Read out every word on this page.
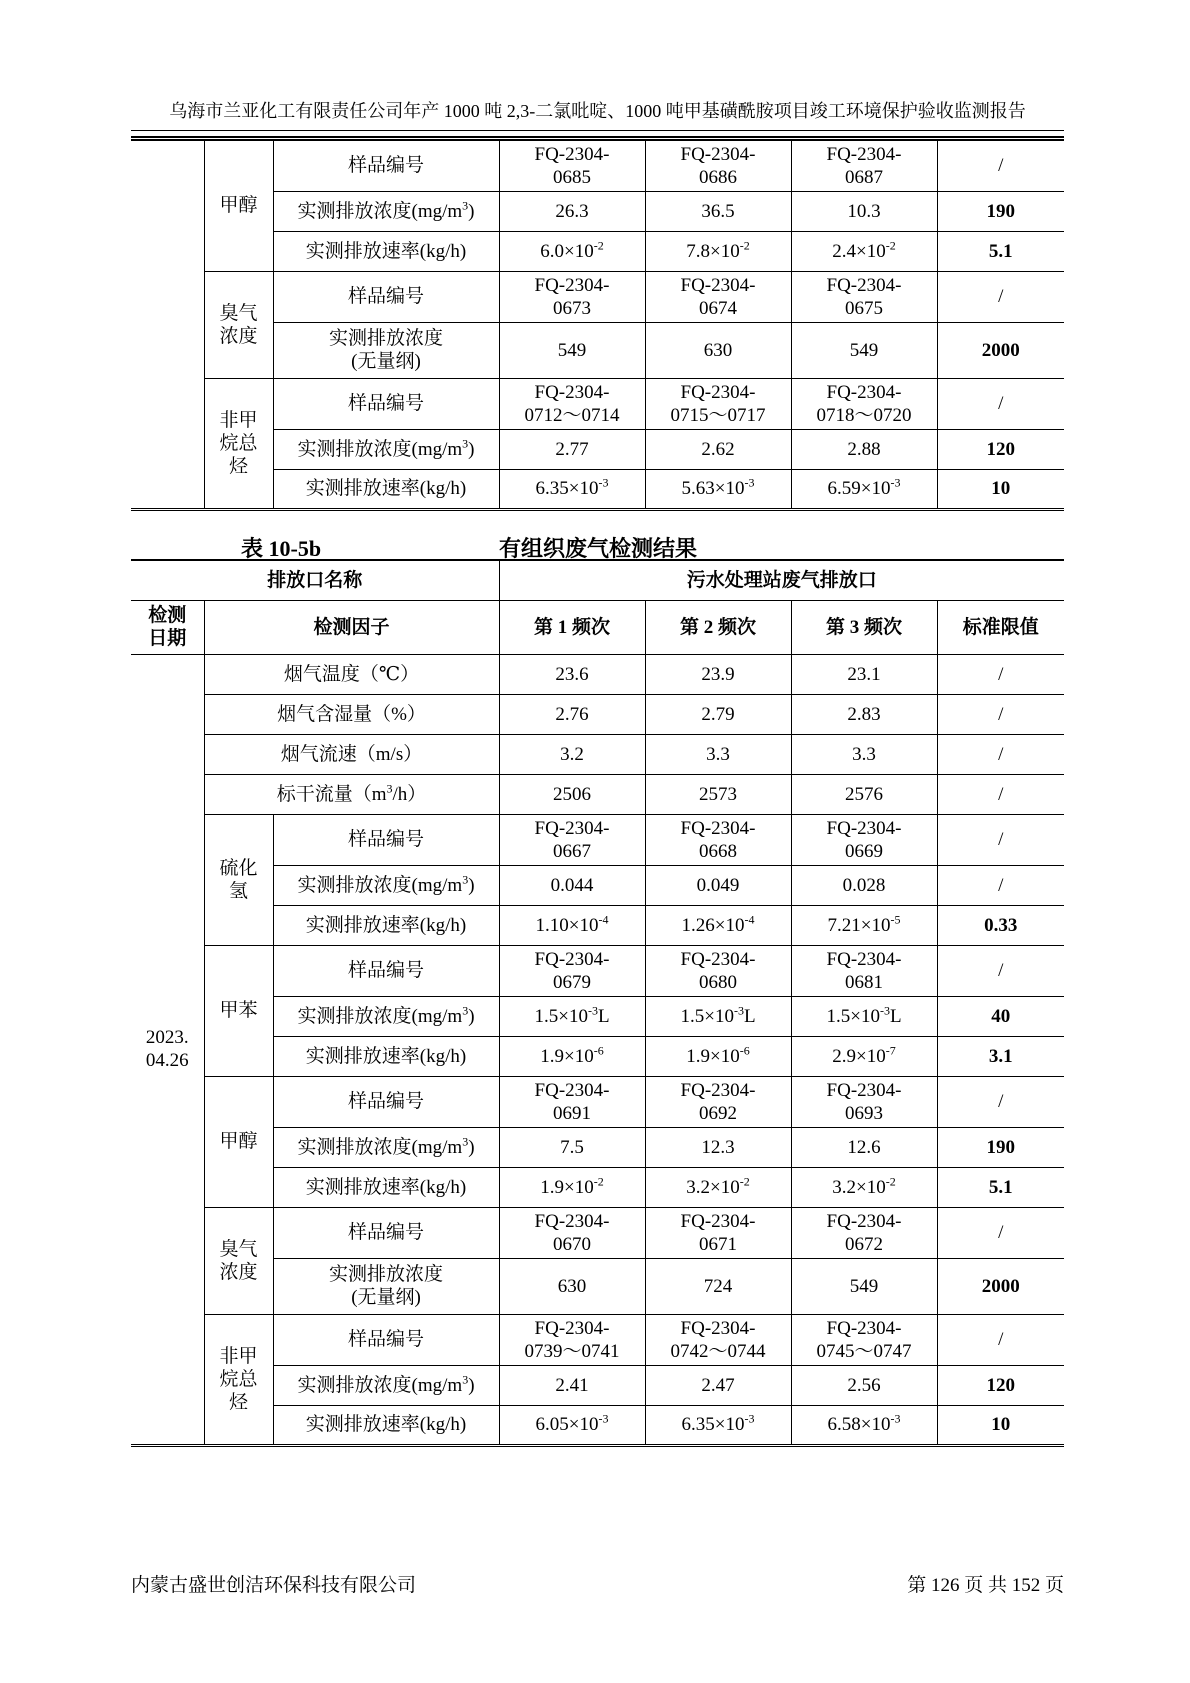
乌海市兰亚化工有限责任公司年产 1000 吨 2,3-二氯吡啶、1000 吨甲基磺酰胺项目竣工环境保护验收监测报告
	甲醇	样品编号	FQ-2304-
0685	FQ-2304-
0686	FQ-2304-
0687	/
		实测排放浓度$(mg/m^3)$	26.3	36.5	10.3	190
		实测排放速率(kg/h)	$6.0\times 10^{-2}$	$7.8\times 10^{-2}$	$2.4\times 10^{-2}$	5.1
	臭气浓度	样品编号	FQ-2304-
0673	FQ-2304-
0674	FQ-2304-
0675	/
		实测排放浓度
(无量纲)	549	630	549	2000
	非甲烷总烃	样品编号	FQ-2304-
0712～0714	FQ-2304-
0715～0717	FQ-2304-
0718～0720	/
		实测排放浓度$(mg/m^3)$	2.77	2.62	2.88	120
		实测排放速率(kg/h)	$6.35\times 10^{-3}$	$5.63\times 10^{-3}$	$6.59\times 10^{-3}$	10
表 10-5b	有组织废气检测结果
排放口名称			污水处理站废气排放口			
检测
日期	检测因子		第 1 频次	第 2 频次	第 3 频次	标准限值
2023.
04.26	烟气温度（℃）		23.6	23.9	23.1	/
	烟气含湿量（%）		2.76	2.79	2.83	/
	烟气流速（m/s）		3.2	3.3	3.3	/
	标干流量$(m^3/h)$		2506	2573	2576	/
	硫化氢	样品编号	FQ-2304-
0667	FQ-2304-
0668	FQ-2304-
0669	/
		实测排放浓度$(mg/m^3)$	0.044	0.049	0.028	/
		实测排放速率(kg/h)	$1.10\times 10^{-4}$	$1.26\times 10^{-4}$	$7.21\times 10^{-5}$	0.33
	甲苯	样品编号	FQ-2304-
0679	FQ-2304-
0680	FQ-2304-
0681	/
		实测排放浓度$(mg/m^3)$	$1.5\times 10^{-3}L$	$1.5\times 10^{-3}L$	$1.5\times 10^{-3}L$	40
		实测排放速率(kg/h)	$1.9\times 10^{-6}$	$1.9\times 10^{-6}$	$2.9\times 10^{-7}$	3.1
	甲醇	样品编号	FQ-2304-
0691	FQ-2304-
0692	FQ-2304-
0693	/
		实测排放浓度$(mg/m^3)$	7.5	12.3	12.6	190
		实测排放速率(kg/h)	$1.9\times 10^{-2}$	$3.2\times 10^{-2}$	$3.2\times 10^{-2}$	5.1
	臭气浓度	样品编号	FQ-2304-
0670	FQ-2304-
0671	FQ-2304-
0672	/
		实测排放浓度
(无量纲)	630	724	549	2000
	非甲烷总烃	样品编号	FQ-2304-
0739～0741	FQ-2304-
0742～0744	FQ-2304-
0745～0747	/
		实测排放浓度$(mg/m^3)$	2.41	2.47	2.56	120
		实测排放速率(kg/h)	$6.05\times 10^{-3}$	$6.35\times 10^{-3}$	$6.58\times 10^{-3}$	10
内蒙古盛世创洁环保科技有限公司	第 126 页 共 152 页
